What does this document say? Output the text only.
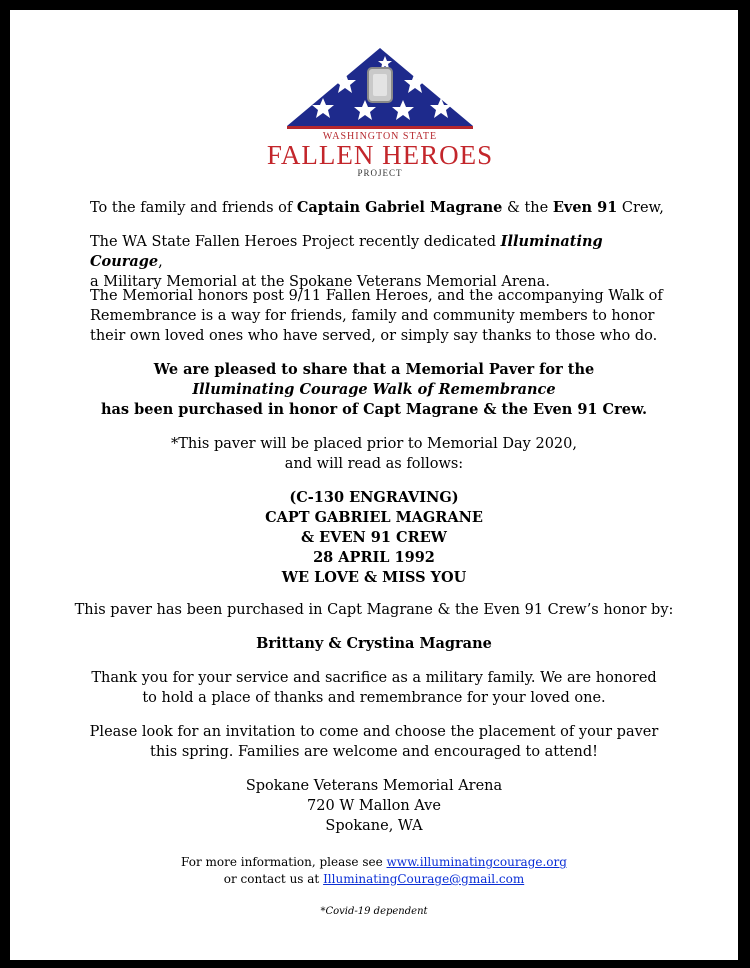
WASHINGTON STATE
FALLEN HEROES
PROJECT
To the family and friends of Captain Gabriel Magrane & the Even 91 Crew,
The WA State Fallen Heroes Project recently dedicated Illuminating Courage,
a Military Memorial at the Spokane Veterans Memorial Arena.
The Memorial honors post 9/11 Fallen Heroes, and the accompanying Walk of
Remembrance is a way for friends, family and community members to honor
their own loved ones who have served, or simply say thanks to those who do.
We are pleased to share that a Memorial Paver for the
Illuminating Courage Walk of Remembrance
has been purchased in honor of Capt Magrane & the Even 91 Crew.
*This paver will be placed prior to Memorial Day 2020,
and will read as follows:
(C-130 ENGRAVING)
CAPT GABRIEL MAGRANE
& EVEN 91 CREW
28 APRIL 1992
WE LOVE & MISS YOU
This paver has been purchased in Capt Magrane & the Even 91 Crew’s honor by:
Brittany & Crystina Magrane
Thank you for your service and sacrifice as a military family. We are honored
to hold a place of thanks and remembrance for your loved one.
Please look for an invitation to come and choose the placement of your paver
this spring. Families are welcome and encouraged to attend!
Spokane Veterans Memorial Arena
720 W Mallon Ave
Spokane, WA
For more information, please see www.illuminatingcourage.org
or contact us at IlluminatingCourage@gmail.com
*Covid-19 dependent
